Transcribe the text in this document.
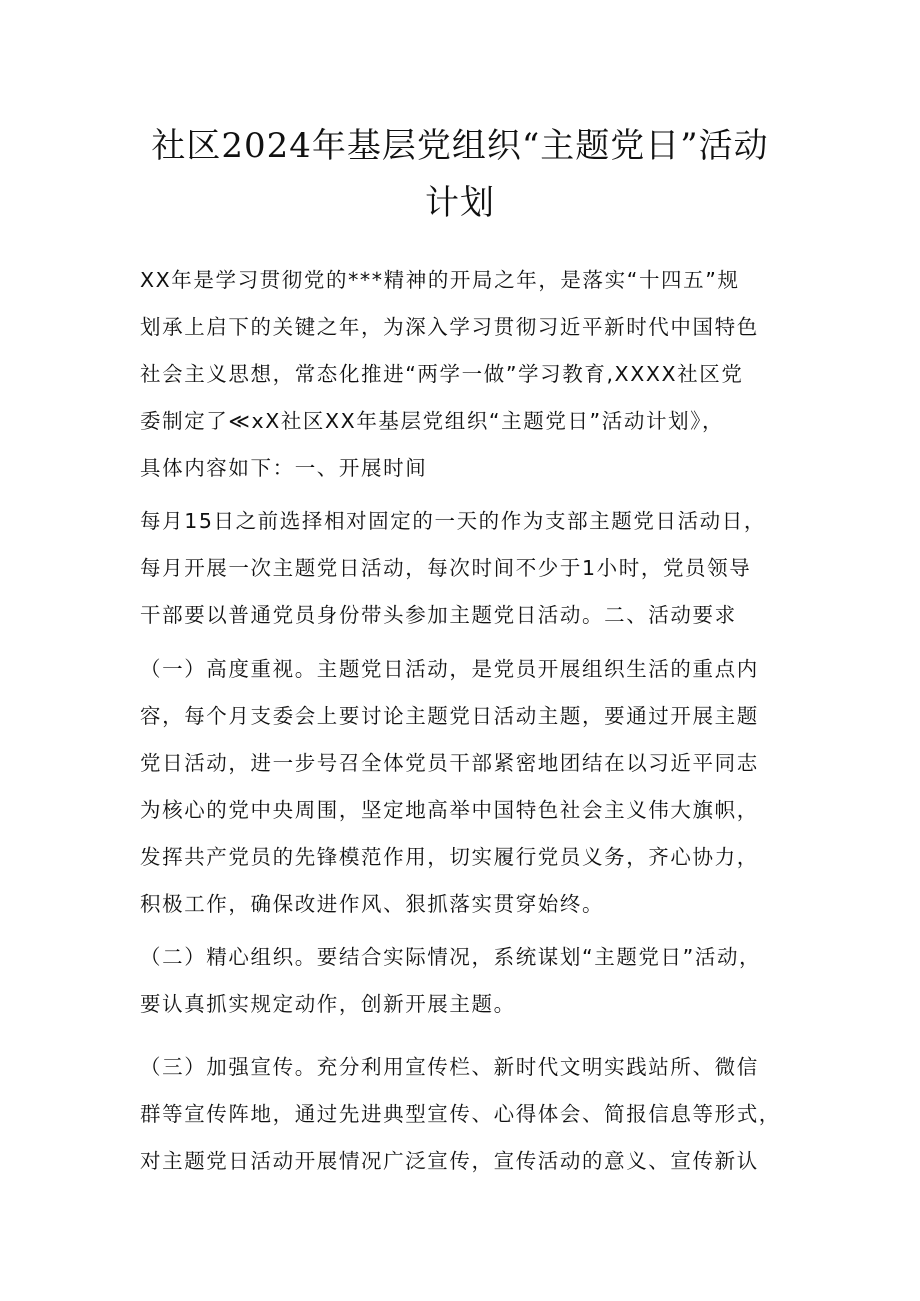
社区2024年基层党组织“主题党日”活动
计划
XX年是学习贯彻党的***精神的开局之年，是落实“十四五”规
划承上启下的关键之年，为深入学习贯彻习近平新时代中国特色
社会主义思想，常态化推进“两学一做”学习教育,XXXX社区党
委制定了≪xX社区XX年基层党组织“主题党日”活动计划》，
具体内容如下：一、开展时间
每月15日之前选择相对固定的一天的作为支部主题党日活动日，
每月开展一次主题党日活动，每次时间不少于1小时，党员领导
干部要以普通党员身份带头参加主题党日活动。二、活动要求
（一）高度重视。主题党日活动，是党员开展组织生活的重点内
容，每个月支委会上要讨论主题党日活动主题，要通过开展主题
党日活动，进一步号召全体党员干部紧密地团结在以习近平同志
为核心的党中央周围，坚定地高举中国特色社会主义伟大旗帜，
发挥共产党员的先锋模范作用，切实履行党员义务，齐心协力，
积极工作，确保改进作风、狠抓落实贯穿始终。
（二）精心组织。要结合实际情况，系统谋划“主题党日”活动，
要认真抓实规定动作，创新开展主题。
（三）加强宣传。充分利用宣传栏、新时代文明实践站所、微信
群等宣传阵地，通过先进典型宣传、心得体会、简报信息等形式，
对主题党日活动开展情况广泛宣传，宣传活动的意义、宣传新认
